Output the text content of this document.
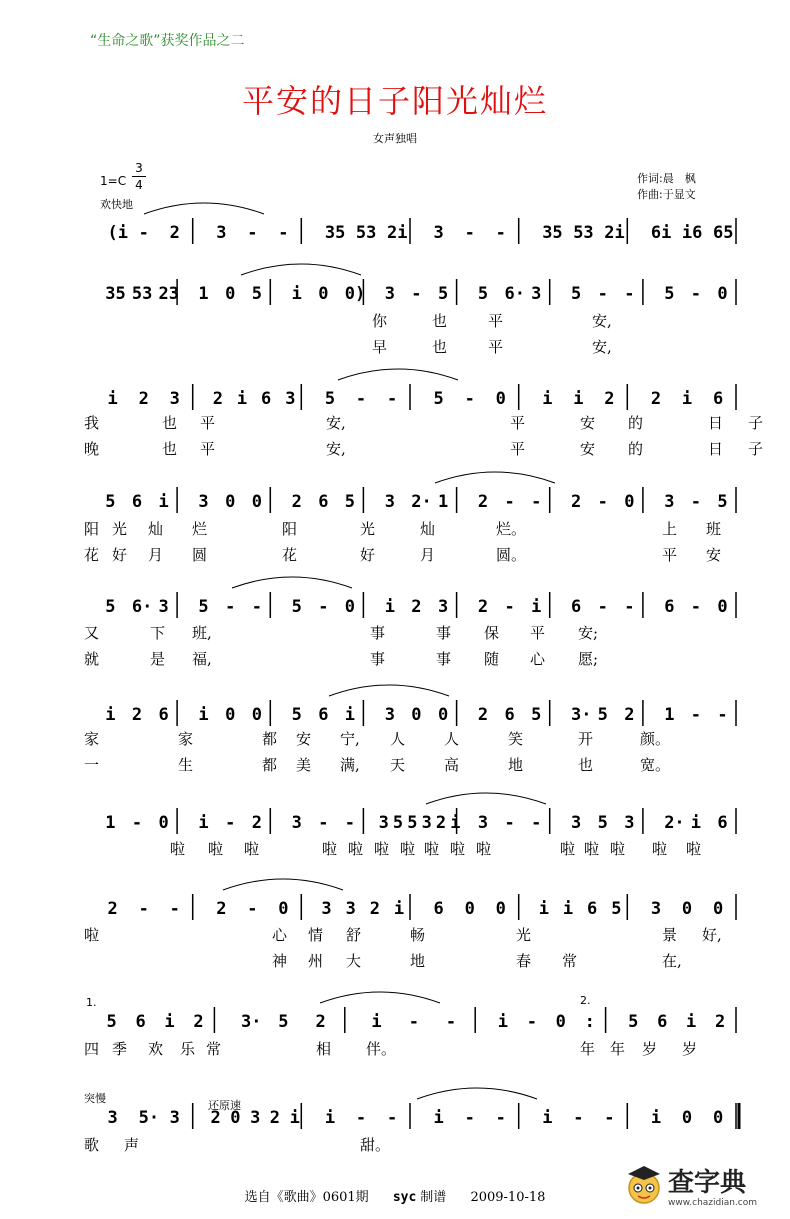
“生命之歌”获奖作品之二
平安的日子阳光灿烂
女声独唱
$1=C \frac{3}{4}$
欢快地
作词:晨　枫
作曲:于显文
(i - 2 3 - - 35 53 2i 3 - - 35 53 2i 6i i6 65
35 53 23 1 0 5 i 0 0) 3 - 5 5 6· 3 5 - - 5 - 0
i 2 3 2 i 6 3 5 - - 5 - 0 i i 2 2 i 6
5 6 i 3 0 0 2 6 5 3 2· 1 2 - - 2 - 0 3 - 5
5 6· 3 5 - - 5 - 0 i 2 3 2 - i 6 - - 6 - 0
i 2 6 i 0 0 5 6 i 3 0 0 2 6 5 3· 5 2 1 - -
1 - 0 i - 2 3 - - 3 5 5 3 2 i 3 - - 3 5 3 2· i 6
2 - - 2 - 0 3 3 2 i 6 0 0 i i 6 5 3 0 0
5 6 i 2 3· 5 2	i - - i - 0 : 5 6 i 2
3 5· 3 2 0 3 2 i i - - i - - i - - i 0 0
你	也	平	安,
早	也	平	安,
我	也 平	安,	平	安 的	日 子
晚	也 平	安,	平	安 的	日 子
阳 光 灿 烂	阳	光	灿	烂。	上 班
花 好 月 圆	花	好	月	圆。	平 安
又	下 班,	事	事 保 平 安;
就	是 福,	事	事 随 心 愿;
家	家	都 安 宁, 人	人	笑	开	颜。
一	生	都 美 满, 天	高	地	也	宽。
啦 啦 啦	啦 啦 啦 啦 啦 啦 啦	啦 啦 啦 啦 啦
啦	心 情 舒	畅	光	景 好,
神 州 大	地	春 常	在,
四 季 欢 乐 常	相 伴。	年 年 岁 岁
歌 声	甜。
1.	2.
突慢
还原速
选自《歌曲》0601期 syc 制谱 2009-10-18	查字典
www.chazidian.com
